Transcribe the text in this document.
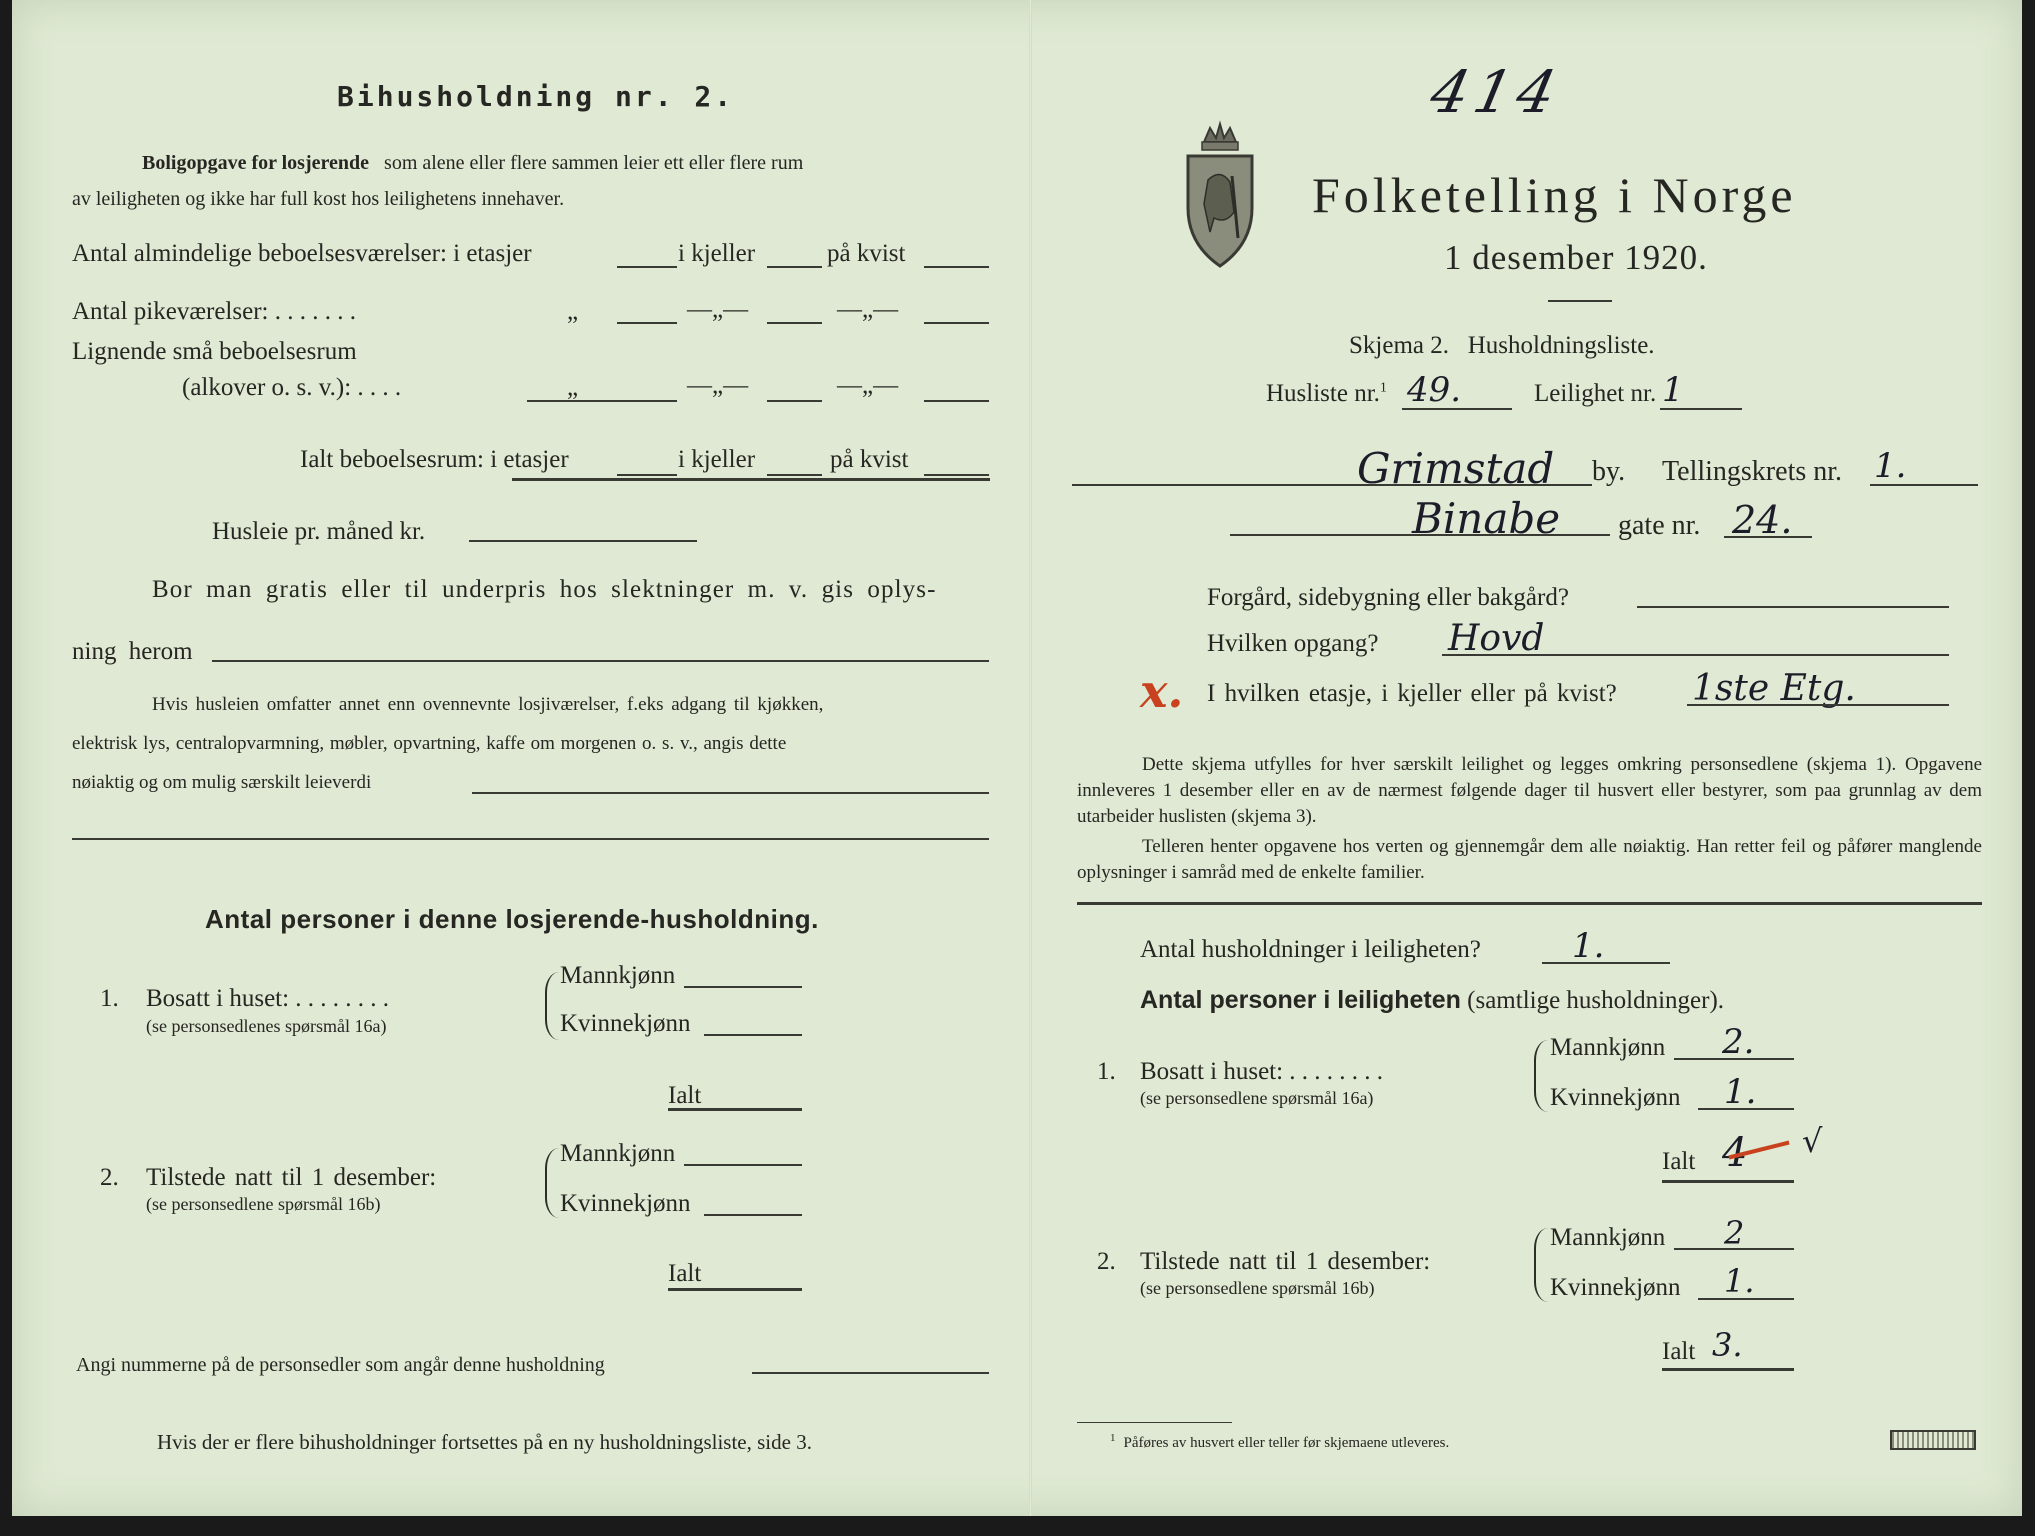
Bihusholdning nr. 2.
Boligopgave for losjerende som alene eller flere sammen leier ett eller flere rum
av leiligheten og ikke har full kost hos leilighetens innehaver.
Antal almindelige beboelsesværelser: i etasjer	i kjeller	på kvist
Antal pikeværelser: . . . . . . .	„	—„—	—„—
Lignende små beboelsesrum
(alkover o. s. v.): . . . .	„	—„—	—„—
Ialt beboelsesrum: i etasjer	i kjeller	på kvist
Husleie pr. måned kr.
Bor man gratis eller til underpris hos slektninger m. v. gis oplys-
ning herom
Hvis husleien omfatter annet enn ovennevnte losjiværelser, f.eks adgang til kjøkken,
elektrisk lys, centralopvarmning, møbler, opvartning, kaffe om morgenen o. s. v., angis dette
nøiaktig og om mulig særskilt leieverdi
Antal personer i denne losjerende-husholdning.
1. Bosatt i huset: . . . . . . . .
(se personsedlenes spørsmål 16a)
Mannkjønn
Kvinnekjønn
Ialt
2. Tilstede natt til 1 desember:
(se personsedlene spørsmål 16b)
Mannkjønn
Kvinnekjønn
Ialt
Angi nummerne på de personsedler som angår denne husholdning
Hvis der er flere bihusholdninger fortsettes på en ny husholdningsliste, side 3.
414
Folketelling i Norge
1 desember 1920.
Skjema 2.   Husholdningsliste.
Husliste nr.$^1$ 49.	Leilighet nr. 1
Grimstad by. Tellingskrets nr. 1.
Binabe gate nr. 24.
Forgård, sidebygning eller bakgård?
Hvilken opgang? Hovd
x. I hvilken etasje, i kjeller eller på kvist? 1ste Etg.
Dette skjema utfylles for hver særskilt leilighet og legges omkring personsedlene (skjema 1). Opgavene innleveres 1 desember eller en av de nærmest følgende dager til husvert eller bestyrer, som paa grunnlag av dem utarbeider huslisten (skjema 3).
Telleren henter opgavene hos verten og gjennemgår dem alle nøiaktig. Han retter feil og påfører manglende oplysninger i samråd med de enkelte familier.
Antal husholdninger i leiligheten?	1.
Antal personer i leiligheten (samtlige husholdninger).
1. Bosatt i huset: . . . . . . . .
(se personsedlene spørsmål 16a)
Mannkjønn 2.
Kvinnekjønn 1.
Ialt 4 √
2. Tilstede natt til 1 desember:
(se personsedlene spørsmål 16b)
Mannkjønn 2
Kvinnekjønn 1.
Ialt 3.
$^1$ Påføres av husvert eller teller før skjemaene utleveres.
